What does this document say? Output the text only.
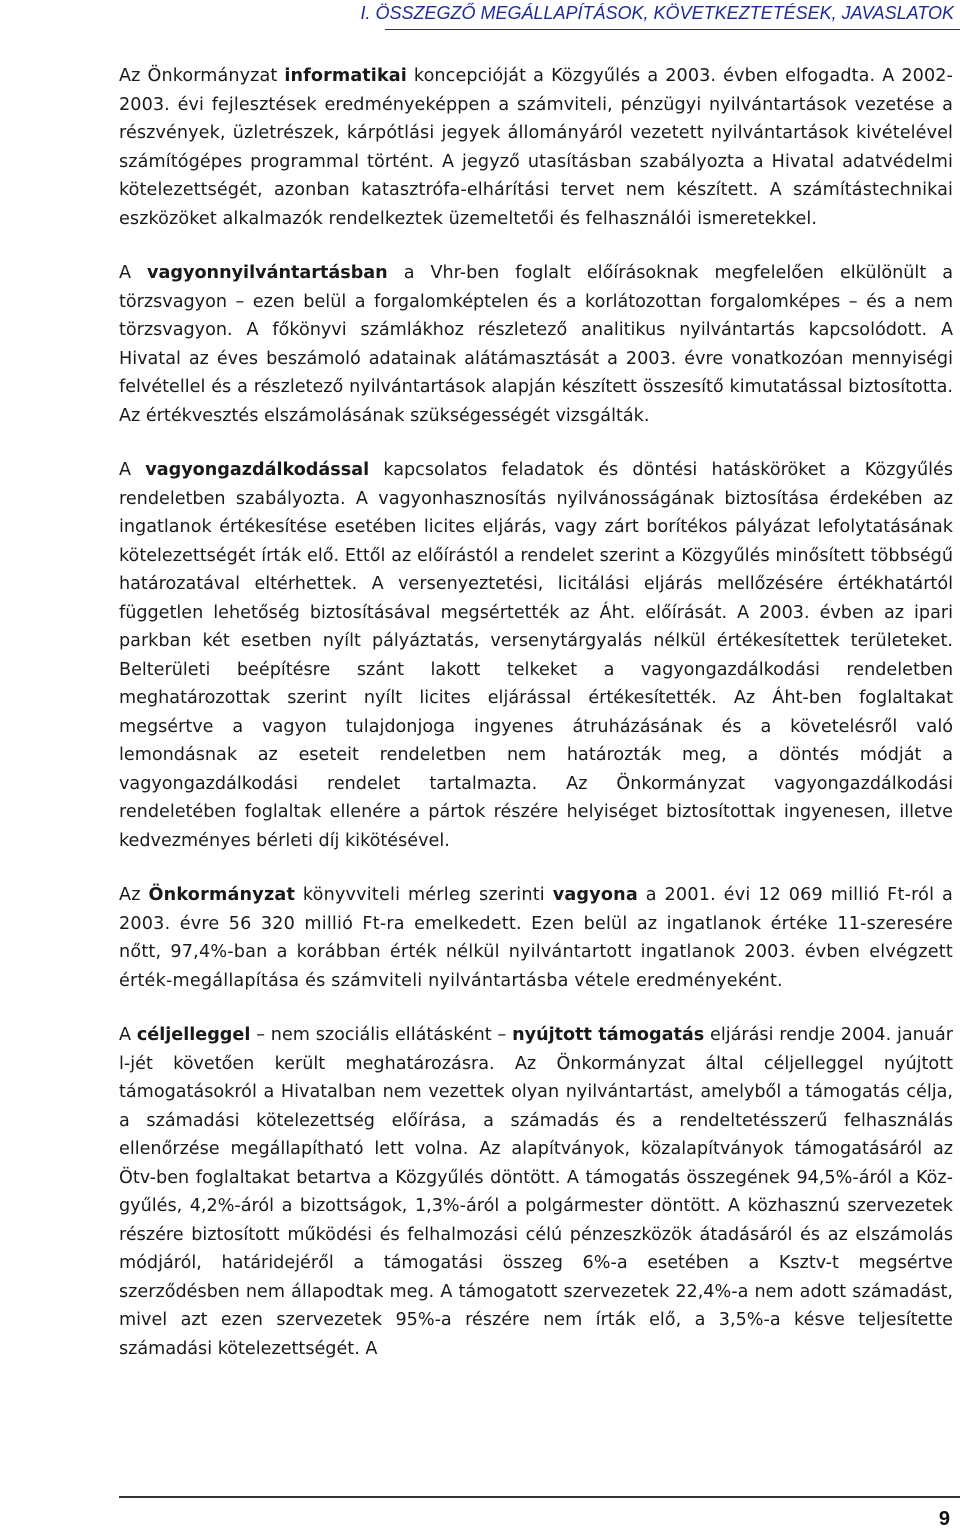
I. ÖSSZEGZŐ MEGÁLLAPÍTÁSOK, KÖVETKEZTETÉSEK, JAVASLATOK

Az Önkormányzat informatikai koncepcióját a Közgyűlés a 2003. évben elfogadta. A 2002-2003. évi fejlesztések eredményeképpen a számviteli, pénzügyi nyilvántartások vezetése a részvények, üzletrészek, kárpótlási jegyek állományáról vezetett nyilvántartások kivételével számítógépes programmal történt. A jegyző utasításban szabályozta a Hivatal adatvédelmi kötelezettségét, azonban katasztrófa-elhárítási tervet nem készített. A számítástechnikai eszközöket alkalmazók rendelkeztek üzemeltetői és felhasználói ismeretekkel.

A vagyonnyilvántartásban a Vhr-ben foglalt előírásoknak megfelelően elkülönült a törzsvagyon – ezen belül a forgalomképtelen és a korlátozottan forgalomképes – és a nem törzsvagyon. A főkönyvi számlákhoz részletező analitikus nyilvántartás kapcsolódott. A Hivatal az éves beszámoló adatainak alátámasztását a 2003. évre vonatkozóan mennyiségi felvétellel és a részletező nyilvántartások alapján készített összesítő kimutatással biztosította. Az értékvesztés elszámolásának szükségességét vizsgálták.

A vagyongazdálkodással kapcsolatos feladatok és döntési hatásköröket a Közgyűlés rendeletben szabályozta. A vagyonhasznosítás nyilvánosságának biztosítása érdekében az ingatlanok értékesítése esetében licites eljárás, vagy zárt borítékos pályázat lefolytatásának kötelezettségét írták elő. Ettől az előírástól a rendelet szerint a Közgyűlés minősített többségű határozatával eltérhettek. A versenyeztetési, licitálási eljárás mellőzésére értékhatártól független lehetőség biztosításával megsértették az Áht. előírását. A 2003. évben az ipari parkban két esetben nyílt pályáztatás, versenytárgyalás nélkül értékesítettek területeket. Belterületi beépítésre szánt lakott telkeket a vagyongazdálkodási rendeletben meghatározottak szerint nyílt licites eljárással értékesítették. Az Áht-ben foglaltakat megsértve a vagyon tulajdonjoga ingyenes átruházásának és a követelésről való lemondásnak az eseteit rendeletben nem határozták meg, a döntés módját a vagyongazdálkodási rendelet tartalmazta. Az Önkormányzat vagyongazdálkodási rendeletében foglaltak ellenére a pártok részére helyiséget biztosítottak ingyenesen, illetve kedvezményes bérleti díj kikötésével.

Az Önkormányzat könyvviteli mérleg szerinti vagyona a 2001. évi 12 069 millió Ft-ról a 2003. évre 56 320 millió Ft-ra emelkedett. Ezen belül az ingatlanok értéke 11-szeresére nőtt, 97,4%-ban a korábban érték nélkül nyilvántartott ingatlanok 2003. évben elvégzett érték-megállapítása és számviteli nyilvántartásba vétele eredményeként.

A céljelleggel – nem szociális ellátásként – nyújtott támogatás eljárási rendje 2004. január l-jét követően került meghatározásra. Az Önkormányzat által céljelleggel nyújtott támogatásokról a Hivatalban nem vezettek olyan nyilvántartást, amelyből a támogatás célja, a számadási kötelezettség előírása, a számadás és a rendeltetésszerű felhasználás ellenőrzése megállapítható lett volna. Az alapítványok, közalapítványok támogatásáról az Ötv-ben foglaltakat betartva a Közgyűlés döntött. A támogatás összegének 94,5%-áról a Közgyűlés, 4,2%-áról a bizottságok, 1,3%-áról a polgármester döntött. A közhasznú szervezetek részére biztosított működési és felhalmozási célú pénzeszközök átadásáról és az elszámolás módjáról, határidejéről a támogatási összeg 6%-a esetében a Ksztv-t megsértve szerződésben nem állapodtak meg. A támogatott szervezetek 22,4%-a nem adott számadást, mivel azt ezen szervezetek 95%-a részére nem írták elő, a 3,5%-a késve teljesítette számadási kötelezettségét. A

9
